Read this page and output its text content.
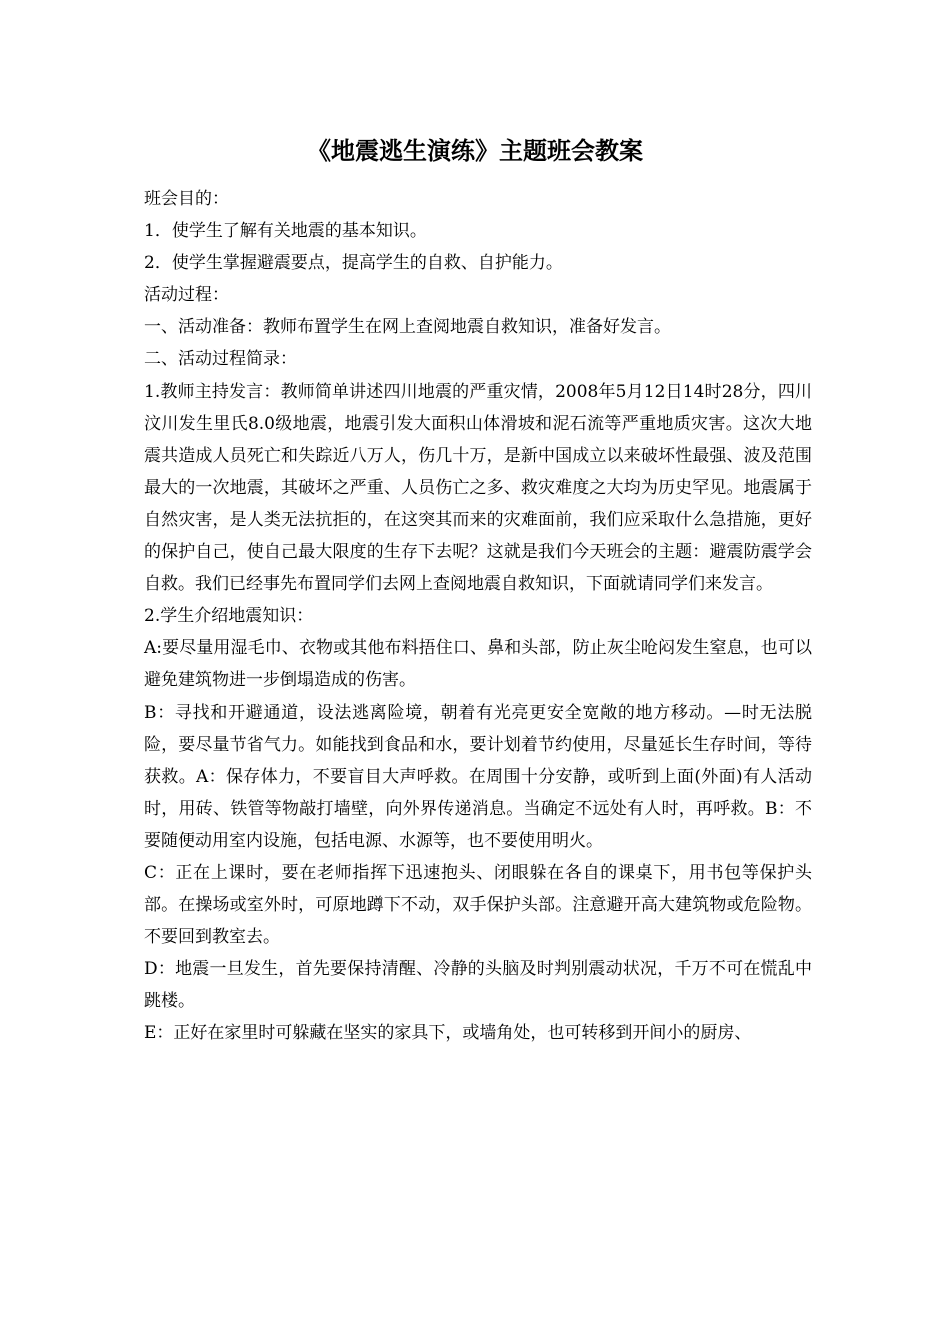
《地震逃生演练》主题班会教案

班会目的：

1．使学生了解有关地震的基本知识。

2．使学生掌握避震要点，提高学生的自救、自护能力。

活动过程：

一、活动准备：教师布置学生在网上查阅地震自救知识，准备好发言。

二、活动过程简录：

1.教师主持发言：教师简单讲述四川地震的严重灾情，2008年5月12日14时28分，四川汶川发生里氏8.0级地震，地震引发大面积山体滑坡和泥石流等严重地质灾害。这次大地震共造成人员死亡和失踪近八万人，伤几十万，是新中国成立以来破坏性最强、波及范围最大的一次地震，其破坏之严重、人员伤亡之多、救灾难度之大均为历史罕见。地震属于自然灾害，是人类无法抗拒的，在这突其而来的灾难面前，我们应采取什么急措施，更好的保护自己，使自己最大限度的生存下去呢？这就是我们今天班会的主题：避震防震学会自救。我们已经事先布置同学们去网上查阅地震自救知识，下面就请同学们来发言。

2.学生介绍地震知识：

A:要尽量用湿毛巾、衣物或其他布料捂住口、鼻和头部，防止灰尘呛闷发生窒息，也可以避免建筑物进一步倒塌造成的伤害。

B：寻找和开避通道，设法逃离险境，朝着有光亮更安全宽敞的地方移动。—时无法脱险，要尽量节省气力。如能找到食品和水，要计划着节约使用，尽量延长生存时间，等待获救。A：保存体力，不要盲目大声呼救。在周围十分安静，或听到上面(外面)有人活动时，用砖、铁管等物敲打墙壁，向外界传递消息。当确定不远处有人时，再呼救。B：不要随便动用室内设施，包括电源、水源等，也不要使用明火。

C：正在上课时，要在老师指挥下迅速抱头、闭眼躲在各自的课桌下，用书包等保护头部。在操场或室外时，可原地蹲下不动，双手保护头部。注意避开高大建筑物或危险物。不要回到教室去。

D：地震一旦发生，首先要保持清醒、冷静的头脑及时判别震动状况，千万不可在慌乱中跳楼。

E：正好在家里时可躲藏在坚实的家具下，或墙角处，也可转移到开间小的厨房、
